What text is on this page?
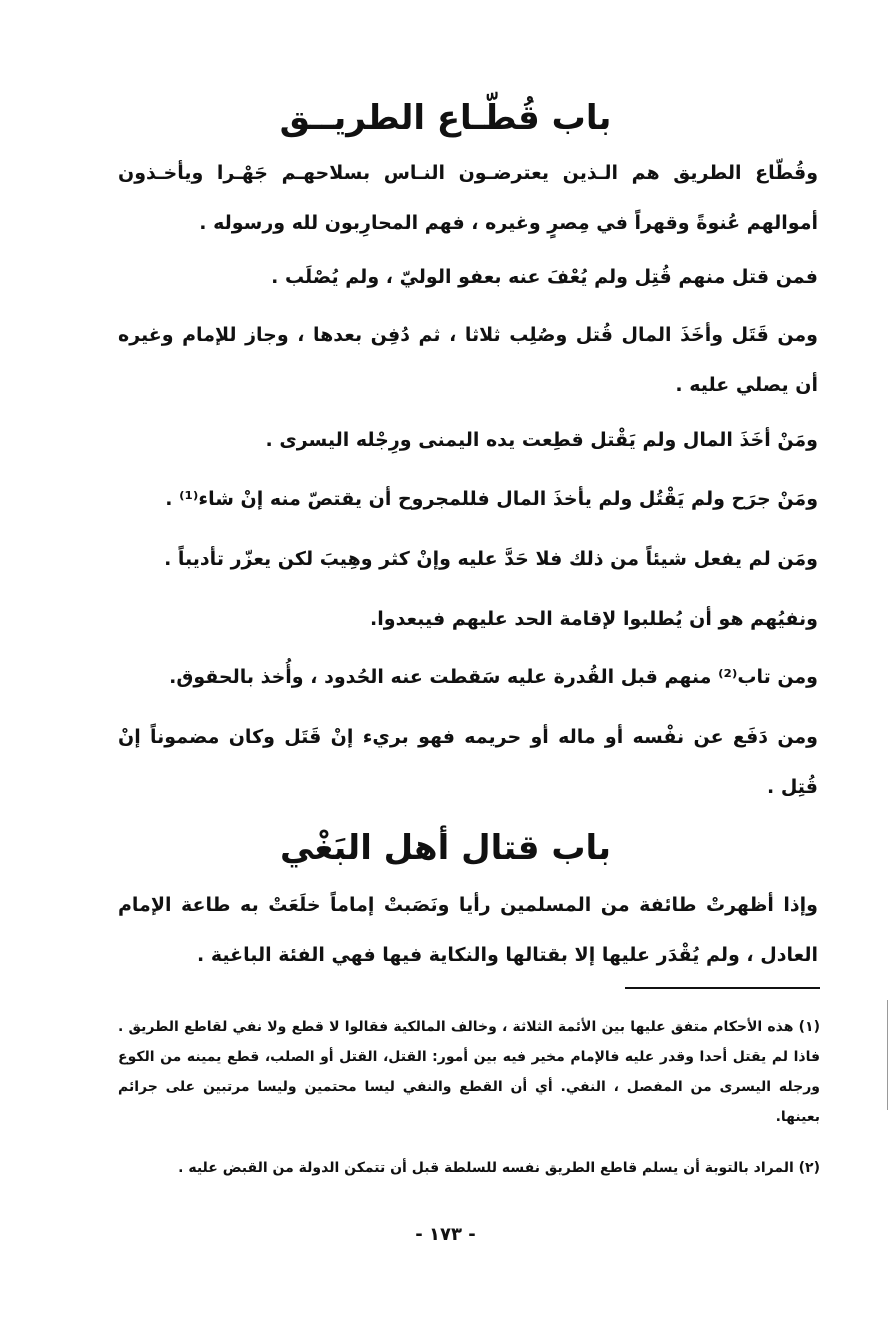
باب قُطّـاع الطريــق

وقُطّاع الطريق هم الـذين يعترضـون النـاس بسلاحهـم جَهْـرا ويأخـذون أموالهم عُنوةً وقهراً في مِصرٍ وغيره ، فهم المحارِبون لله ورسوله .

فمن قتل منهم قُتِل ولم يُعْفَ عنه بعفو الوليّ ، ولم يُصْلَب .

ومن قَتَل وأخَذَ المال قُتل وصُلِب ثلاثا ، ثم دُفِن بعدها ، وجاز للإمام وغيره أن يصلي عليه .

ومَنْ أخَذَ المال ولم يَقْتل قطِعت يده اليمنى ورِجْله اليسرى .

ومَنْ جرَح ولم يَقْتُل ولم يأخذَ المال فللمجروح أن يقتصّ منه إنْ شاء⁽¹⁾ .

ومَن لم يفعل شيئاً من ذلك فلا حَدَّ عليه وإنْ كثر وهِيبَ لكن يعزّر تأديباً .

ونفيُهم هو أن يُطلبوا لإقامة الحد عليهم فيبعدوا.

ومن تاب⁽²⁾ منهم قبل القُدرة عليه سَقطت عنه الحُدود ، وأُخذ بالحقوق.

ومن دَفَع عن نفْسه أو ماله أو حريمه فهو بريء إنْ قَتَل وكان مضموناً إنْ قُتِل .

باب قتال أهل البَغْي

وإذا أظهرتْ طائفة من المسلمين رأيا ونَصَبتْ إماماً خلَعَتْ به طاعة الإمام العادل ، ولم يُقْدَر عليها إلا بقتالها والنكاية فيها فهي الفئة الباغية .

(١) هذه الأحكام متفق عليها بين الأئمة الثلاثة ، وخالف المالكية فقالوا لا قطع ولا نفي لقاطع الطريق . فاذا لم يقتل أحدا وقدر عليه فالإمام مخير فيه بين أمور: القتل، القتل أو الصلب، قطع يمينه من الكوع ورجله اليسرى من المفصل ، النفي. أي أن القطع والنفي ليسا محتمين وليسا مرتبين على جرائم بعينها.

(٢) المراد بالتوبة أن يسلم قاطع الطريق نفسه للسلطة قبل أن تتمكن الدولة من القبض عليه .

- ١٧٣ -
